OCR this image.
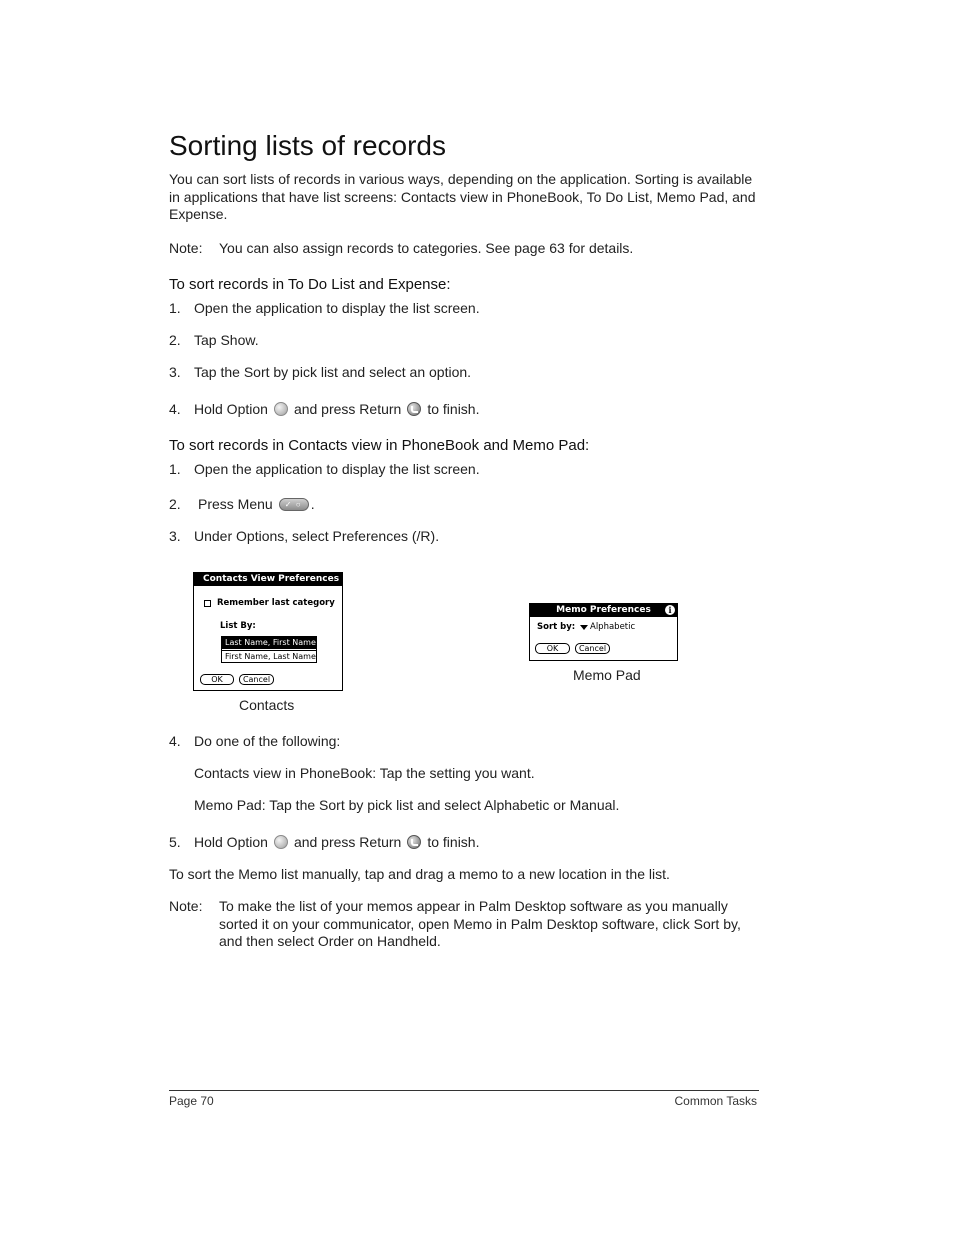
Sorting lists of records
You can sort lists of records in various ways, depending on the application. Sorting is available in applications that have list screens: Contacts view in PhoneBook, To Do List, Memo Pad, and Expense.
Note: You can also assign records to categories. See page 63 for details.
To sort records in To Do List and Expense:
1. Open the application to display the list screen.
2. Tap Show.
3. Tap the Sort by pick list and select an option.
4. Hold Option and press Return to finish.
To sort records in Contacts view in PhoneBook and Memo Pad:
1. Open the application to display the list screen.
2. Press Menu ✓ ○ .
3. Under Options, select Preferences (/R).
Contacts View Preferences
Remember last category
List By:
Last Name, First Name
First Name, Last Name
OK	Cancel
Contacts
Memo Preferences	i
Sort by: Alphabetic
OK	Cancel
Memo Pad
4. Do one of the following:
Contacts view in PhoneBook: Tap the setting you want.
Memo Pad: Tap the Sort by pick list and select Alphabetic or Manual.
5. Hold Option and press Return to finish.
To sort the Memo list manually, tap and drag a memo to a new location in the list.
Note: To make the list of your memos appear in Palm Desktop software as you manually sorted it on your communicator, open Memo in Palm Desktop software, click Sort by, and then select Order on Handheld.
Page 70	Common Tasks
